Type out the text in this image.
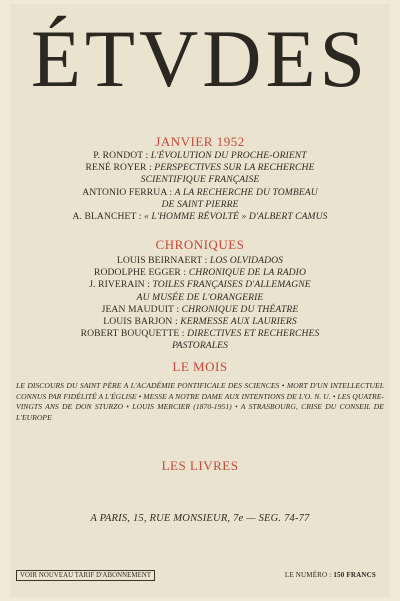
ÉTVDES
JANVIER 1952
P. RONDOT : L'ÉVOLUTION DU PROCHE-ORIENT
RENÉ ROYER : PERSPECTIVES SUR LA RECHERCHE
SCIENTIFIQUE FRANÇAISE
ANTONIO FERRUA : A LA RECHERCHE DU TOMBEAU
DE SAINT PIERRE
A. BLANCHET : « L'HOMME RÉVOLTÉ » D'ALBERT CAMUS
CHRONIQUES
LOUIS BEIRNAERT : LOS OLVIDADOS
RODOLPHE EGGER : CHRONIQUE DE LA RADIO
J. RIVERAIN : TOILES FRANÇAISES D'ALLEMAGNE
AU MUSÉE DE L'ORANGERIE
JEAN MAUDUIT : CHRONIQUE DU THÉATRE
LOUIS BARJON : KERMESSE AUX LAURIERS
ROBERT BOUQUETTE : DIRECTIVES ET RECHERCHES
PASTORALES
LE MOIS
LE DISCOURS DU SAINT PÈRE A L'ACADÉMIE PONTIFICALE DES SCIENCES • MORT D'UN INTELLECTUEL CONNUS PAR FIDÉLITÉ A L'ÉGLISE • MESSE A NOTRE DAME AUX INTENTIONS DE L'O. N. U. • LES QUATRE-VINGTS ANS DE DON STURZO • LOUIS MERCIER (1870-1951) • A STRASBOURG, CRISE DU CONSEIL DE L'EUROPE
LES LIVRES
A PARIS, 15, RUE MONSIEUR, 7e — SEG. 74-77
VOIR NOUVEAU TARIF D'ABONNEMENT	LE NUMÉRO : 150 FRANCS
